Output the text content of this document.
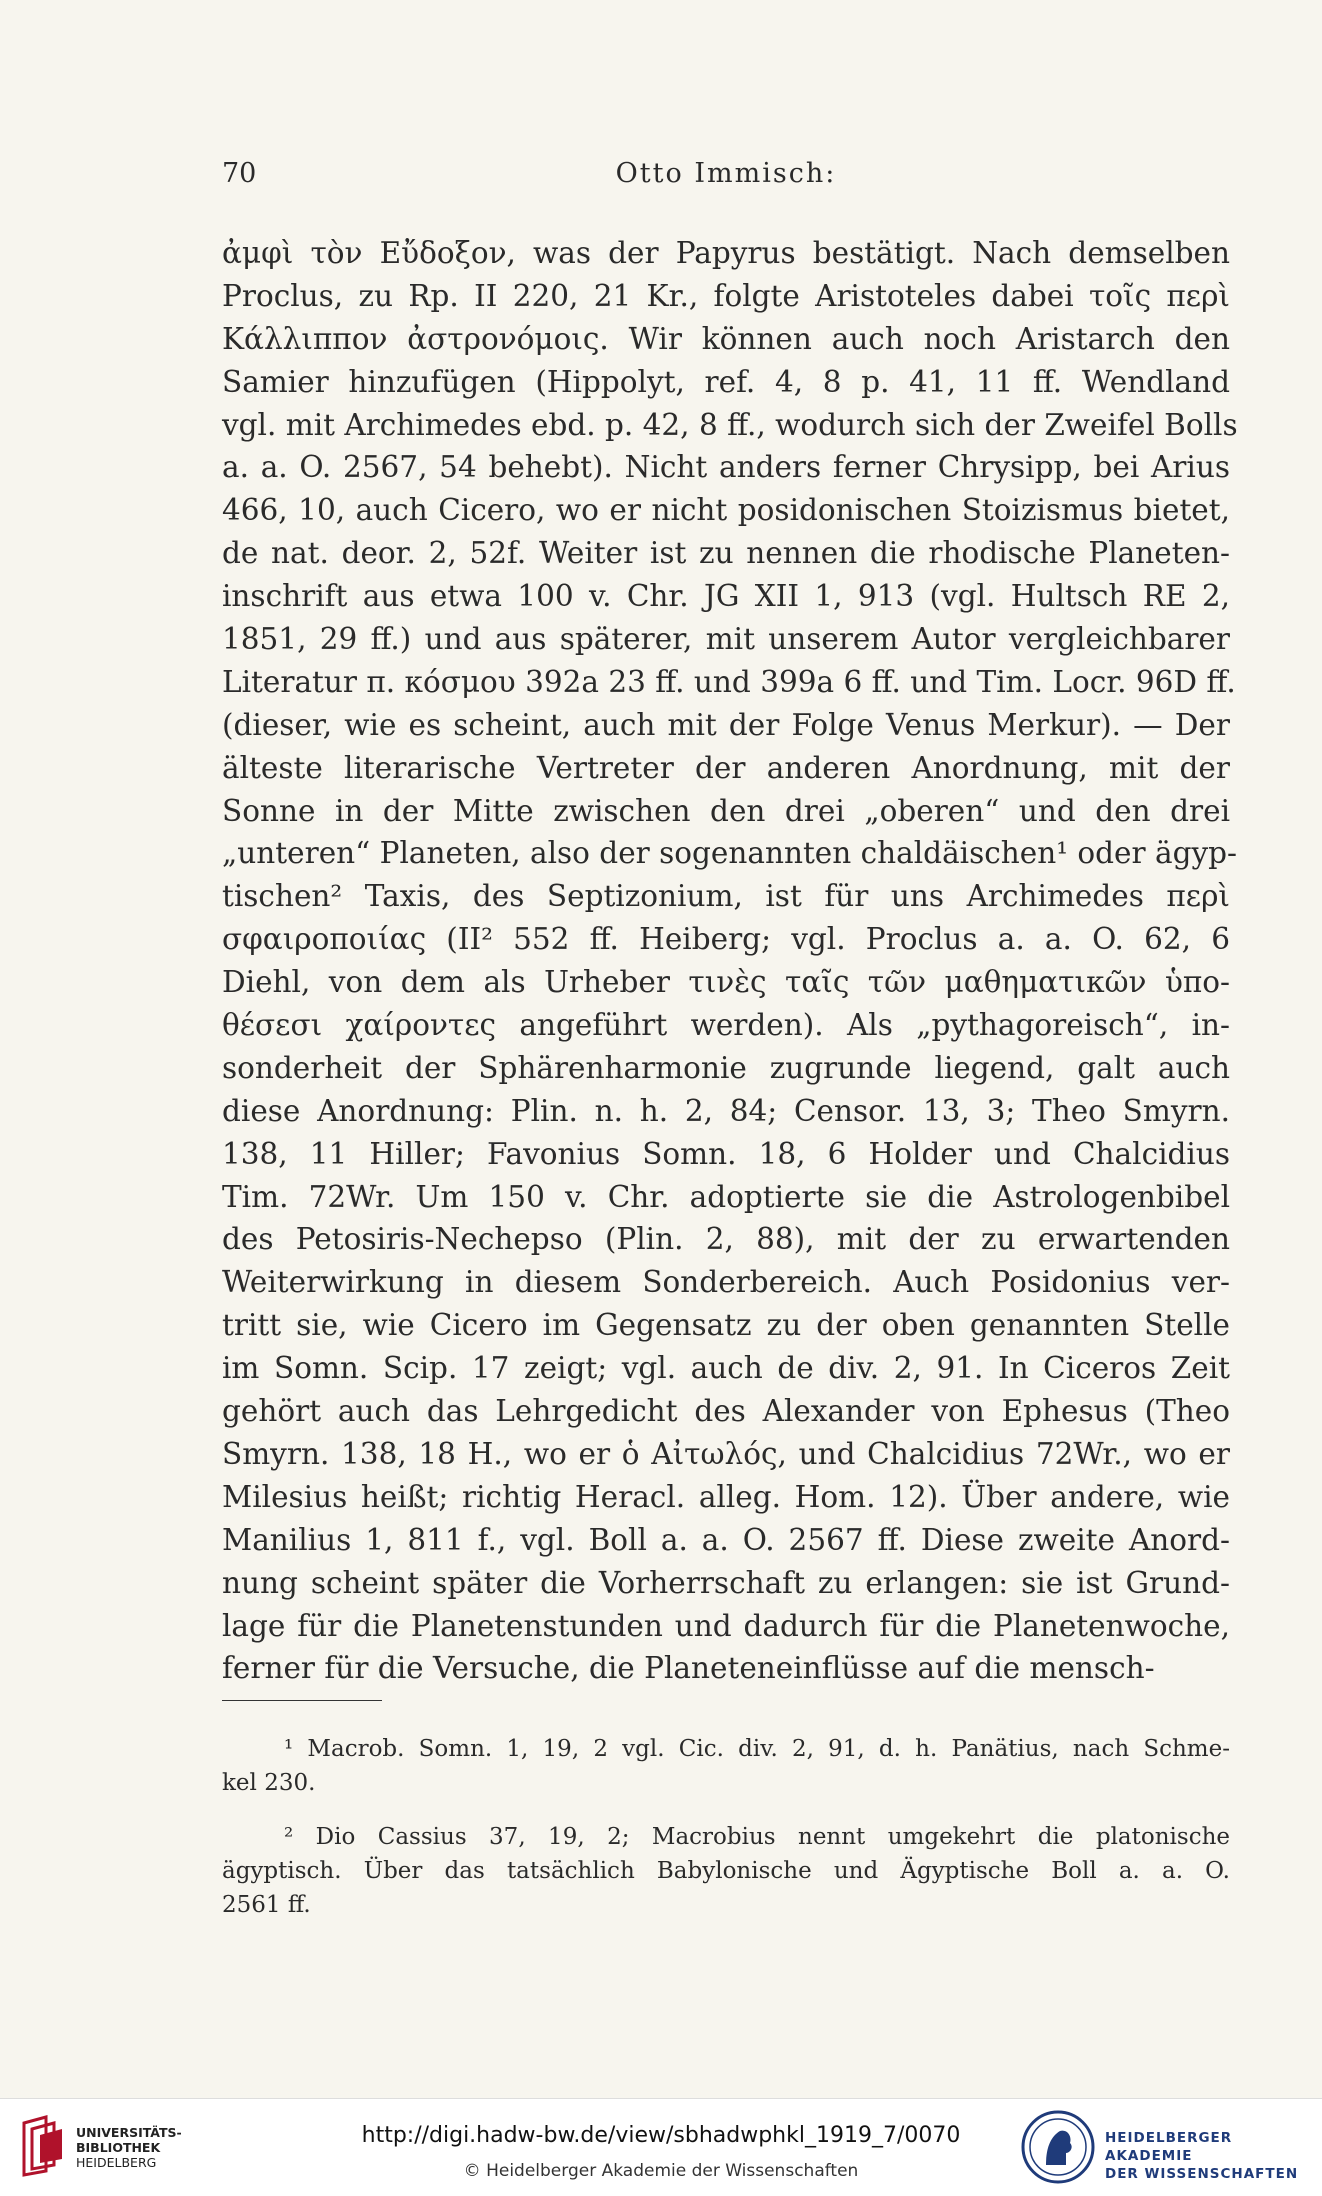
70	Otto Immisch:
ἀμφὶ τὸν Εὔδοξον, was der Papyrus bestätigt. Nach demselben
Proclus, zu Rp. II 220, 21 Kr., folgte Aristoteles dabei τοῖς περὶ
Κάλλιππον ἀστρονόμοις. Wir können auch noch Aristarch den
Samier hinzufügen (Hippolyt, ref. 4, 8 p. 41, 11 ff. Wendland
vgl. mit Archimedes ebd. p. 42, 8 ff., wodurch sich der Zweifel Bolls
a. a. O. 2567, 54 behebt). Nicht anders ferner Chrysipp, bei Arius
466, 10, auch Cicero, wo er nicht posidonischen Stoizismus bietet,
de nat. deor. 2, 52f. Weiter ist zu nennen die rhodische Planeten-
inschrift aus etwa 100 v. Chr. JG XII 1, 913 (vgl. Hultsch RE 2,
1851, 29 ff.) und aus späterer, mit unserem Autor vergleichbarer
Literatur π. κόσμου 392a 23 ff. und 399a 6 ff. und Tim. Locr. 96D ff.
(dieser, wie es scheint, auch mit der Folge Venus Merkur). — Der
älteste literarische Vertreter der anderen Anordnung, mit der
Sonne in der Mitte zwischen den drei „oberen“ und den drei
„unteren“ Planeten, also der sogenannten chaldäischen¹ oder ägyp-
tischen² Taxis, des Septizonium, ist für uns Archimedes περὶ
σφαιροποιίας (II² 552 ff. Heiberg; vgl. Proclus a. a. O. 62, 6
Diehl, von dem als Urheber τινὲς ταῖς τῶν μαθηματικῶν ὑπο-
θέσεσι χαίροντες angeführt werden). Als „pythagoreisch“, in-
sonderheit der Sphärenharmonie zugrunde liegend, galt auch
diese Anordnung: Plin. n. h. 2, 84; Censor. 13, 3; Theo Smyrn.
138, 11 Hiller; Favonius Somn. 18, 6 Holder und Chalcidius
Tim. 72Wr. Um 150 v. Chr. adoptierte sie die Astrologenbibel
des Petosiris-Nechepso (Plin. 2, 88), mit der zu erwartenden
Weiterwirkung in diesem Sonderbereich. Auch Posidonius ver-
tritt sie, wie Cicero im Gegensatz zu der oben genannten Stelle
im Somn. Scip. 17 zeigt; vgl. auch de div. 2, 91. In Ciceros Zeit
gehört auch das Lehrgedicht des Alexander von Ephesus (Theo
Smyrn. 138, 18 H., wo er ὁ Αἰτωλός, und Chalcidius 72Wr., wo er
Milesius heißt; richtig Heracl. alleg. Hom. 12). Über andere, wie
Manilius 1, 811 f., vgl. Boll a. a. O. 2567 ff. Diese zweite Anord-
nung scheint später die Vorherrschaft zu erlangen: sie ist Grund-
lage für die Planetenstunden und dadurch für die Planetenwoche,
ferner für die Versuche, die Planeteneinflüsse auf die mensch-
¹ Macrob. Somn. 1, 19, 2 vgl. Cic. div. 2, 91, d. h. Panätius, nach Schme-
kel 230.
² Dio Cassius 37, 19, 2; Macrobius nennt umgekehrt die platonische
ägyptisch. Über das tatsächlich Babylonische und Ägyptische Boll a. a. O.
2561 ff.
UNIVERSITÄTS-
BIBLIOTHEK
HEIDELBERG
http://digi.hadw-bw.de/view/sbhadwphkl_1919_7/0070
© Heidelberger Akademie der Wissenschaften
HEIDELBERGER AKADEMIE
DER WISSENSCHAFTEN
